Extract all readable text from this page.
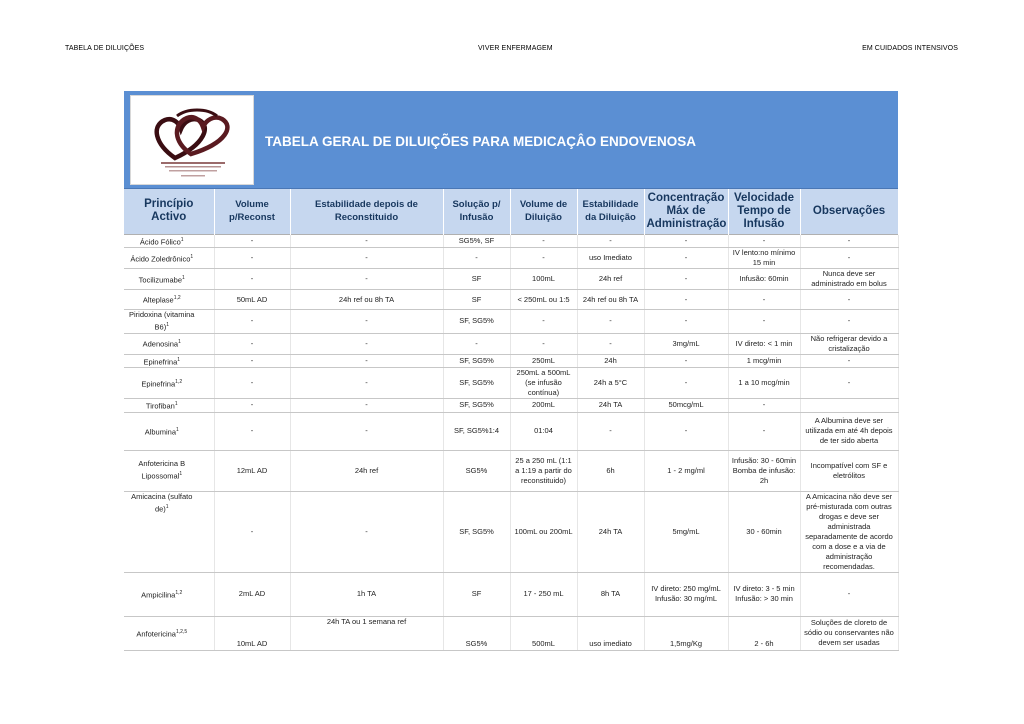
TABELA DE DILUIÇÕES	VIVER ENFERMAGEM	EM CUIDADOS INTENSIVOS
TABELA GERAL DE DILUIÇÕES PARA MEDICAÇÂO ENDOVENOSA
Princípio Activo	Volume p/Reconst	Estabilidade depois de Reconstituido	Solução p/ Infusão	Volume de Diluição	Estabilidade da Diluição	Concentração Máx de Administração	Velocidade Tempo de Infusão	Observações
Ácido Fólico$^1$	-	-	SG5%, SF	-	-	-	-	-
Ácido Zoledrônico$^1$	-	-	-	-	uso Imediato	-	IV lento:no mínimo 15 min	-
Tocilizumabe$^1$	-	-	SF	100mL	24h ref	-	Infusão: 60min	Nunca deve ser administrado em bolus
Alteplase$^{1,2}$	50mL AD	24h ref ou 8h TA	SF	< 250mL ou 1:5	24h ref ou 8h TA	-	-	-
Piridoxina (vitamina B6)$^1$	-	-	SF, SG5%	-	-	-	-	-
Adenosina$^1$	-	-	-	-	-	3mg/mL	IV direto: < 1 min	Não refrigerar devido a cristalização
Epinefrina$^1$	-	-	SF, SG5%	250mL	24h	-	1 mcg/min	-
Epinefrina$^{1,2}$	-	-	SF, SG5%	250mL a 500mL (se infusão contínua)	24h a 5°C	-	1 a 10 mcg/min	-
Tirofiban$^1$	-	-	SF, SG5%	200mL	24h TA	50mcg/mL	-	
Albumina$^1$	-	-	SF, SG5%1:4	01:04	-	-	-	A Albumina deve ser utilizada em até 4h depois de ter sido aberta
Anfotericina B Lipossomal$^1$	12mL AD	24h ref	SG5%	25 a 250 mL (1:1 a 1:19 a partir do reconstituido)	6h	1 - 2 mg/ml	Infusão: 30 - 60min Bomba de infusão: 2h	Incompatível com SF e eletrólitos
Amicacina (sulfato de)$^1$	-	-	SF, SG5%	100mL ou 200mL	24h TA	5mg/mL	30 - 60min	A Amicacina não deve ser pré-misturada com outras drogas e deve ser administrada separadamente de acordo com a dose e a via de administração recomendadas.
Ampicilina$^{1,2}$	2mL AD	1h TA	SF	17 - 250 mL	8h TA	IV direto: 250 mg/mL Infusão: 30 mg/mL	IV direto: 3 - 5 min Infusão: > 30 min	-
Anfotericina$^{1,2,5}$	10mL AD	24h TA ou 1 semana ref	SG5%	500mL	uso imediato	1,5mg/Kg	2 - 6h	Soluções de cloreto de sódio ou conservantes não devem ser usadas
